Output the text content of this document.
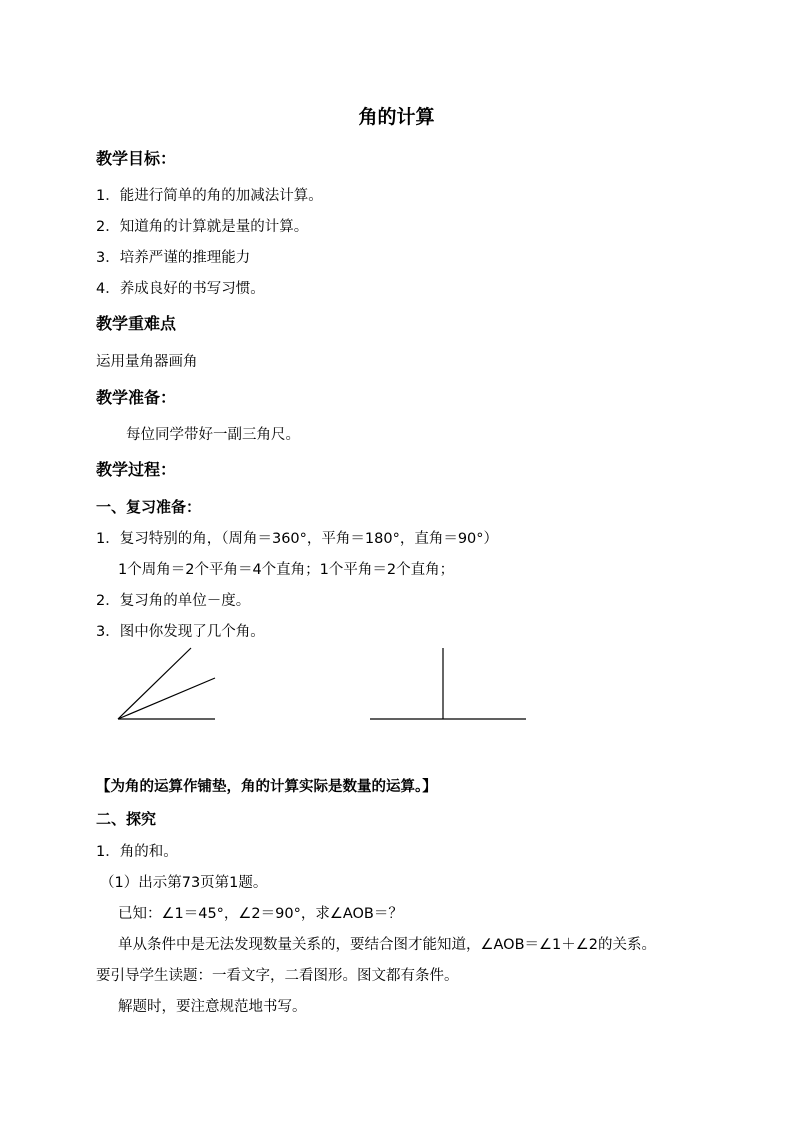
角的计算
教学目标：
1．能进行简单的角的加减法计算。
2．知道角的计算就是量的计算。
3．培养严谨的推理能力
4．养成良好的书写习惯。
教学重难点
运用量角器画角
教学准备：
每位同学带好一副三角尺。
教学过程：
一、复习准备：
1．复习特别的角，（周角＝360°，平角＝180°，直角＝90°）
1个周角＝2个平角＝4个直角；1个平角＝2个直角；
2．复习角的单位－度。
3．图中你发现了几个角。
【为角的运算作铺垫，角的计算实际是数量的运算。】
二、探究
1．角的和。
（1）出示第73页第1题。
已知：∠1＝45°，∠2＝90°，求∠AOB＝？
单从条件中是无法发现数量关系的，要结合图才能知道，∠AOB＝∠1＋∠2的关系。
要引导学生读题：一看文字，二看图形。图文都有条件。
解题时，要注意规范地书写。
